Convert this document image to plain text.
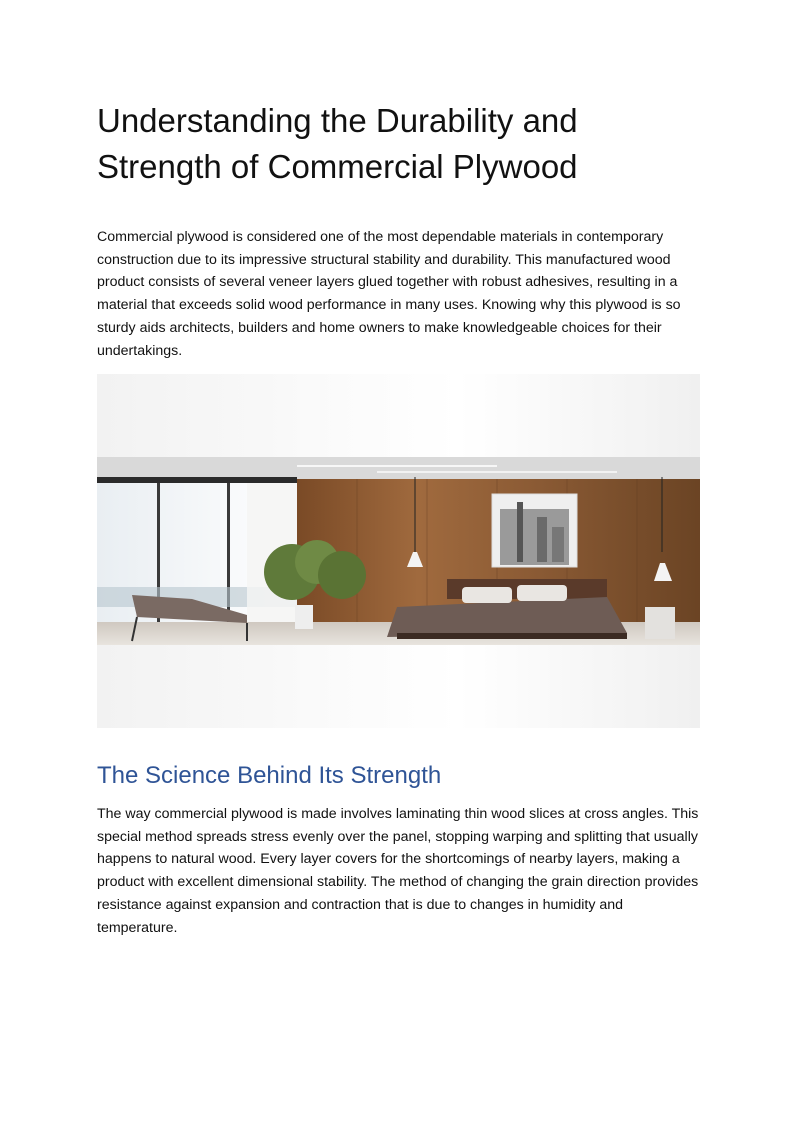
Understanding the Durability and Strength of Commercial Plywood

Commercial plywood is considered one of the most dependable materials in contemporary construction due to its impressive structural stability and durability. This manufactured wood product consists of several veneer layers glued together with robust adhesives, resulting in a material that exceeds solid wood performance in many uses. Knowing why this plywood is so sturdy aids architects, builders and home owners to make knowledgeable choices for their undertakings.

The Science Behind Its Strength

The way commercial plywood is made involves laminating thin wood slices at cross angles. This special method spreads stress evenly over the panel, stopping warping and splitting that usually happens to natural wood. Every layer covers for the shortcomings of nearby layers, making a product with excellent dimensional stability. The method of changing the grain direction provides resistance against expansion and contraction that is due to changes in humidity and temperature.
